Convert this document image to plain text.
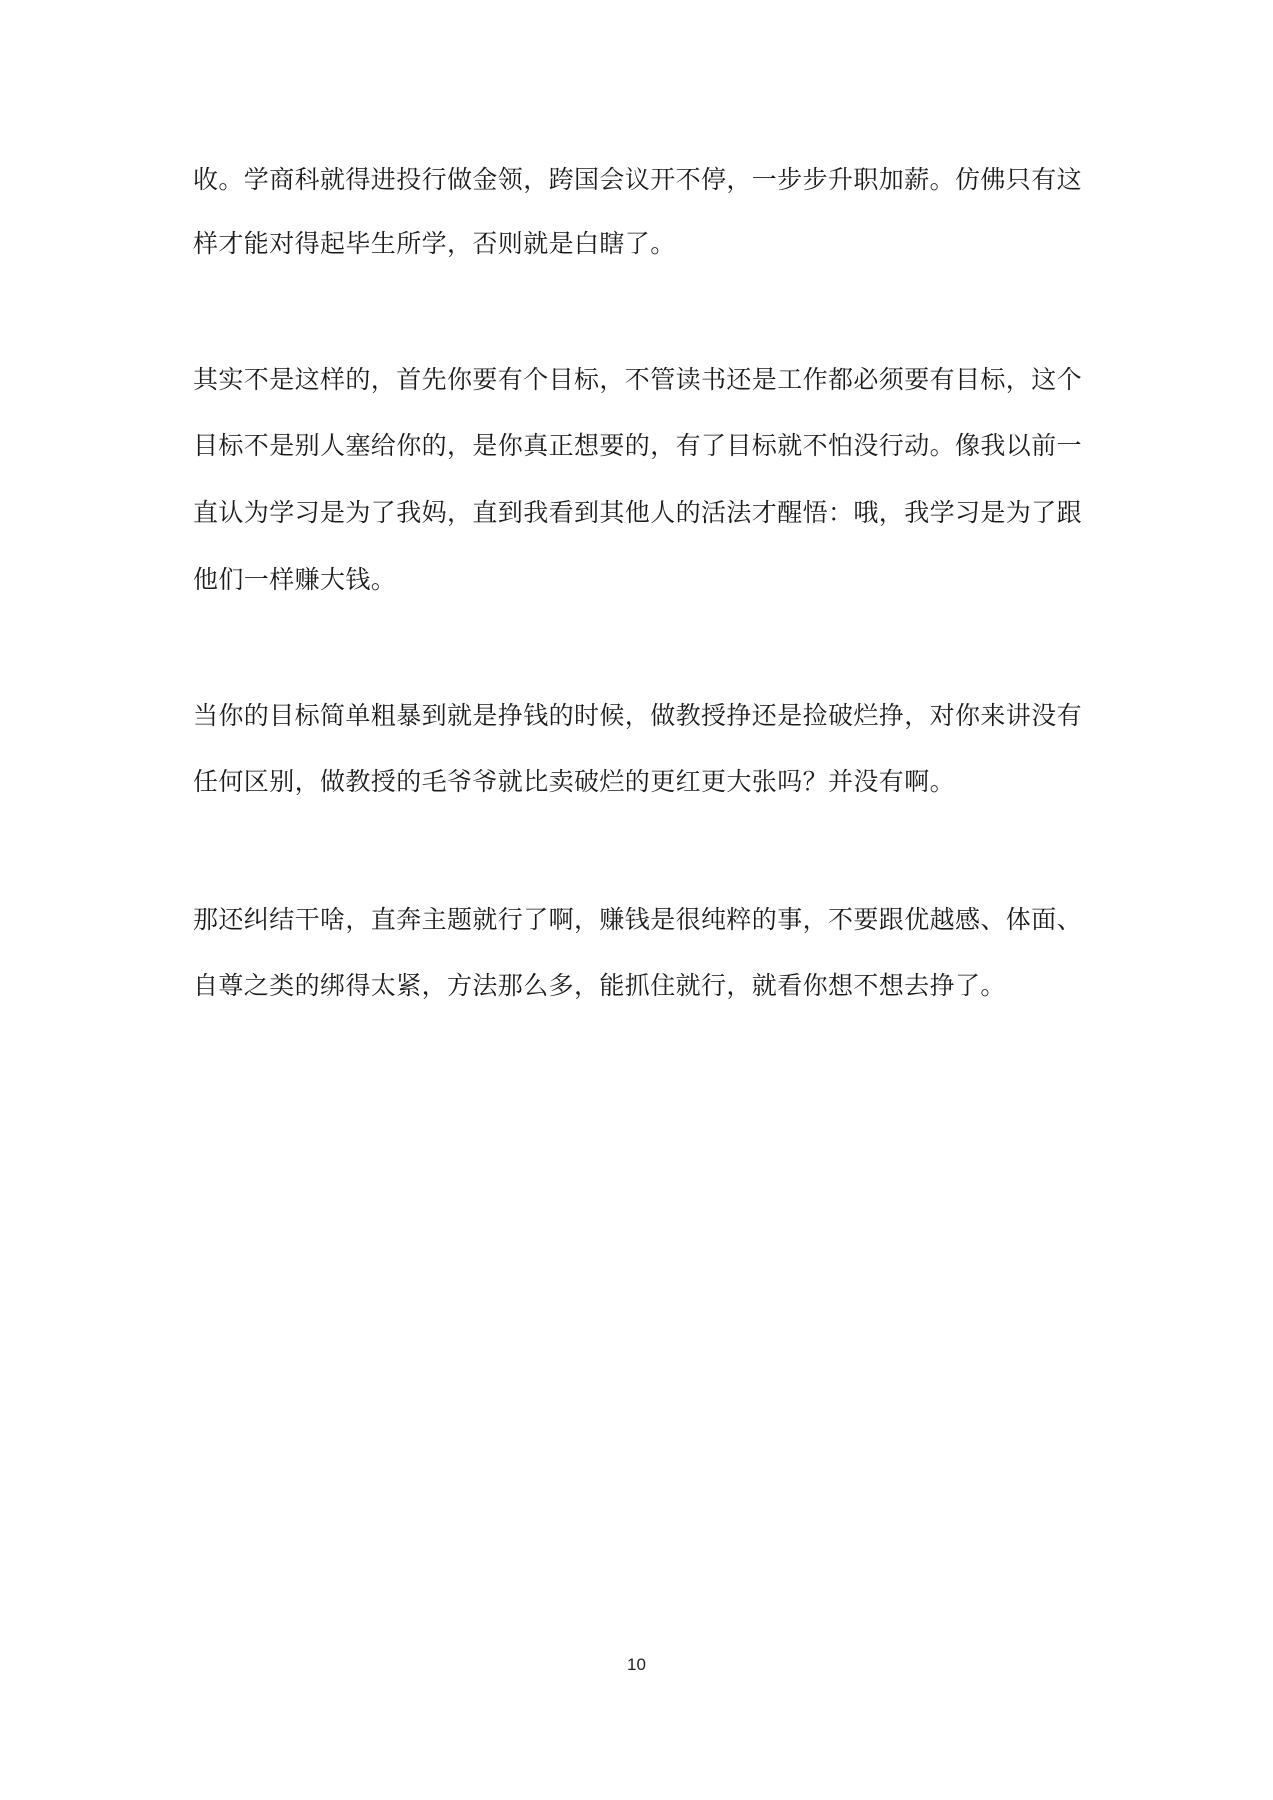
收。学商科就得进投行做金领，跨国会议开不停，一步步升职加薪。仿佛只有这

样才能对得起毕生所学，否则就是白瞎了。

其实不是这样的，首先你要有个目标，不管读书还是工作都必须要有目标，这个

目标不是别人塞给你的，是你真正想要的，有了目标就不怕没行动。像我以前一

直认为学习是为了我妈，直到我看到其他人的活法才醒悟：哦，我学习是为了跟

他们一样赚大钱。

当你的目标简单粗暴到就是挣钱的时候，做教授挣还是捡破烂挣，对你来讲没有

任何区别，做教授的毛爷爷就比卖破烂的更红更大张吗？并没有啊。

那还纠结干啥，直奔主题就行了啊，赚钱是很纯粹的事，不要跟优越感、体面、

自尊之类的绑得太紧，方法那么多，能抓住就行，就看你想不想去挣了。

10
